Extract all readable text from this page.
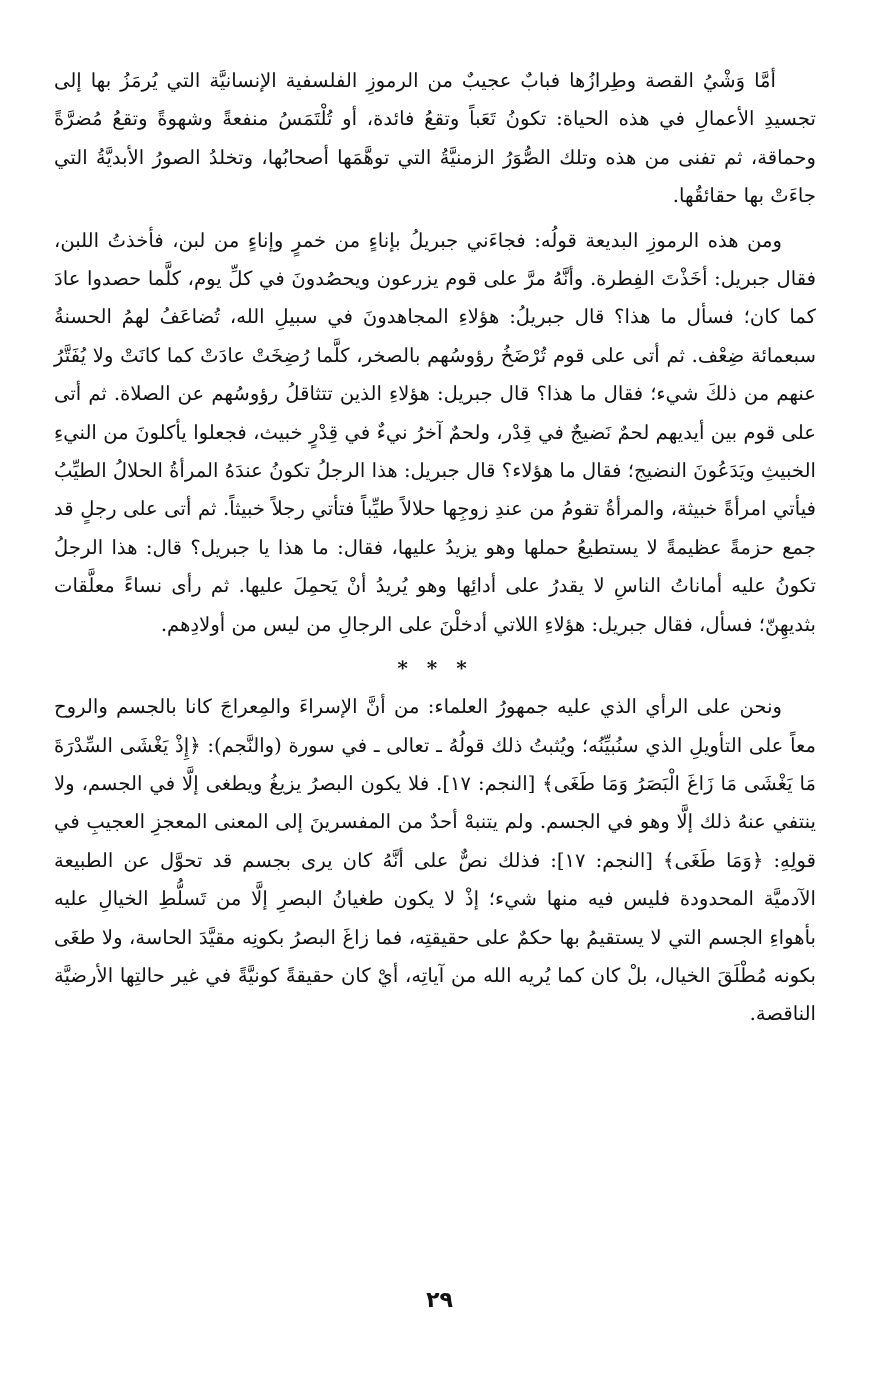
أمَّا وَشْيُ القصة وطِرازُها فبابٌ عجيبٌ من الرموزِ الفلسفية الإنسانيَّة التي يُرمَزُ بها إلى تجسيدِ الأعمالِ في هذه الحياة: تكونُ تَعَباً وتقعُ فائدة، أو تُلْتَمَسُ منفعةً وشهوةً وتقعُ مُضرَّةً وحماقة، ثم تفنى من هذه وتلك الصُّوَرُ الزمنيَّةُ التي توهَّمَها أصحابُها، وتخلدُ الصورُ الأبديَّةُ التي جاءَتْ بها حقائقُها.

ومن هذه الرموزِ البديعة قولُه: فجاءَني جبريلُ بإناءٍ من خمرٍ وإناءٍ من لبن، فأخذتُ اللبن، فقال جبريل: أخَذْتَ الفِطرة. وأنَّهُ مرَّ على قوم يزرعون ويحصُدونَ في كلِّ يوم، كلَّما حصدوا عادَ كما كان؛ فسأل ما هذا؟ قال جبريلُ: هؤلاءِ المجاهدونَ في سبيلِ الله، تُضاعَفُ لهمُ الحسنةُ سبعمائة ضِعْف. ثم أتى على قوم تُرْضَخُ رؤوسُهم بالصخر، كلَّما رُضِخَتْ عادَتْ كما كانَتْ ولا يُفَتَّرُ عنهم من ذلكَ شيء؛ فقال ما هذا؟ قال جبريل: هؤلاءِ الذين تتثاقلُ رؤوسُهم عن الصلاة. ثم أتى على قوم بين أيديهم لحمٌ نَضيجٌ في قِدْر، ولحمٌ آخرُ نيءٌ في قِدْرٍ خبيث، فجعلوا يأكلونَ من النيءِ الخبيثِ ويَدَعُونَ النضيج؛ فقال ما هؤلاء؟ قال جبريل: هذا الرجلُ تكونُ عندَهُ المرأةُ الحلالُ الطيِّبُ فيأتي امرأةً خبيثة، والمرأةُ تقومُ من عندِ زوجِها حلالاً طيِّباً فتأتي رجلاً خبيثاً. ثم أتى على رجلٍ قد جمع حزمةً عظيمةً لا يستطيعُ حملها وهو يزيدُ عليها، فقال: ما هذا يا جبريل؟ قال: هذا الرجلُ تكونُ عليه أماناتُ الناسِ لا يقدرُ على أدائِها وهو يُريدُ أنْ يَحمِلَ عليها. ثم رأى نساءً معلَّقات بثديهِنّ؛ فسأل، فقال جبريل: هؤلاءِ اللاتي أدخلْنَ على الرجالِ من ليس من أولادِهم.

* * *

ونحن على الرأي الذي عليه جمهورُ العلماء: من أنَّ الإسراءَ والمِعراجَ كانا بالجسم والروح معاً على التأويلِ الذي سنُبيِّنُه؛ ويُثبتُ ذلك قولُهُ ـ تعالى ـ في سورة (والنَّجم): ﴿إِذْ يَغْشَى السِّدْرَةَ مَا يَغْشَى مَا زَاغَ الْبَصَرُ وَمَا طَغَى﴾ [النجم: ١٧]. فلا يكون البصرُ يزيغُ ويطغى إلَّا في الجسم، ولا ينتفي عنهُ ذلك إلَّا وهو في الجسم. ولم يتنبهْ أحدٌ من المفسرينَ إلى المعنى المعجزِ العجيبِ في قولِهِ: ﴿وَمَا طَغَى﴾ [النجم: ١٧]: فذلك نصٌّ على أنَّهُ كان يرى بجسم قد تحوَّل عن الطبيعة الآدميَّة المحدودة فليس فيه منها شيء؛ إذْ لا يكون طغيانُ البصرِ إلَّا من تَسلُّطِ الخيالِ عليه بأهواءِ الجسم التي لا يستقيمُ بها حكمٌ على حقيقتِه، فما زاغَ البصرُ بكونِه مقيَّدَ الحاسة، ولا طغَى بكونه مُطْلَقَ الخيال، بلْ كان كما يُريه الله من آياتِه، أيْ كان حقيقةً كونيَّةً في غير حالتِها الأرضيَّة الناقصة.

٢٩
